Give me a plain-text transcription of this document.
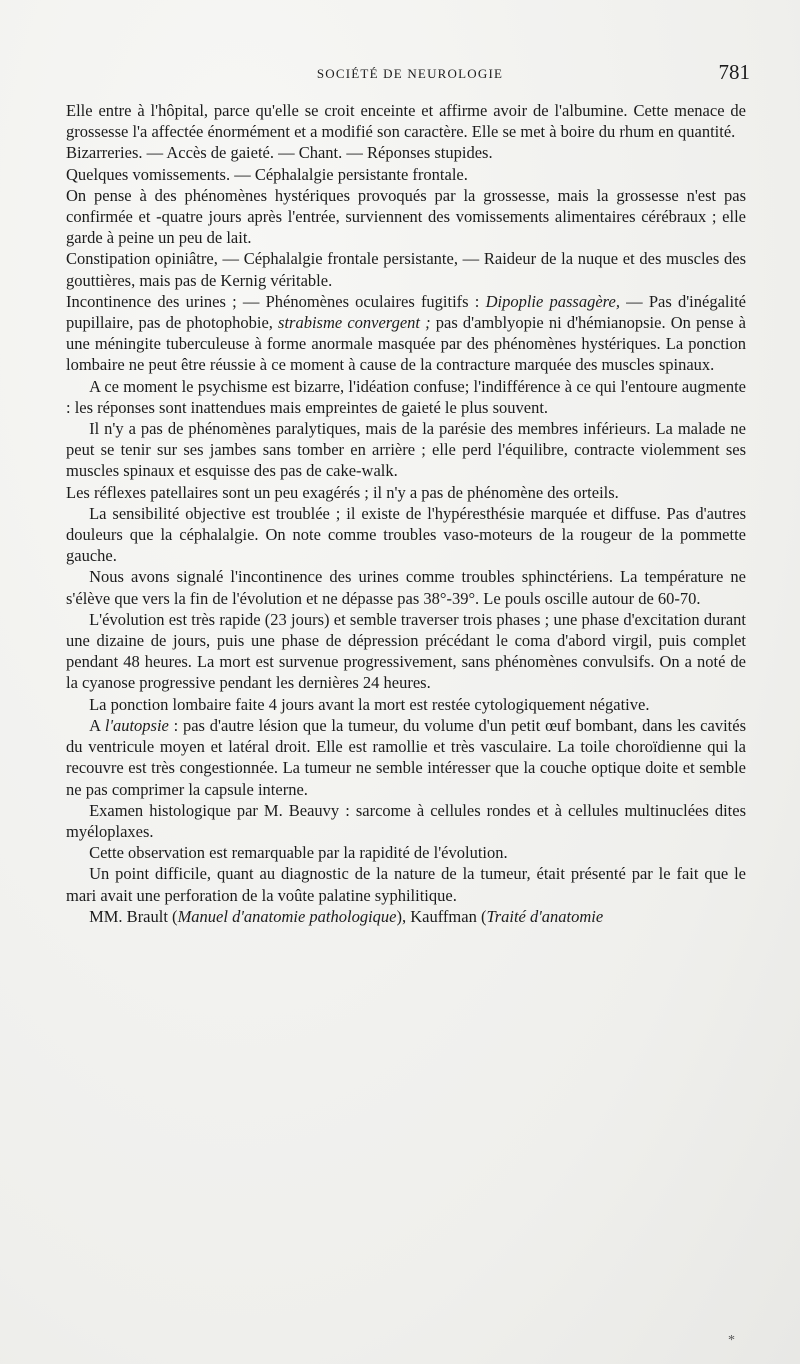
SOCIÉTÉ DE NEUROLOGIE	781

Elle entre à l'hôpital, parce qu'elle se croit enceinte et affirme avoir de l'albumine. Cette menace de grossesse l'a affectée énormément et a modifié son caractère. Elle se met à boire du rhum en quantité.

Bizarreries. — Accès de gaieté. — Chant. — Réponses stupides.

Quelques vomissements. — Céphalalgie persistante frontale.

On pense à des phénomènes hystériques provoqués par la grossesse, mais la grossesse n'est pas confirmée et -quatre jours après l'entrée, surviennent des vomissements alimentaires cérébraux ; elle garde à peine un peu de lait.

Constipation opiniâtre, — Céphalalgie frontale persistante, — Raideur de la nuque et des muscles des gouttières, mais pas de Kernig véritable.

Incontinence des urines ; — Phénomènes oculaires fugitifs : Dipoplie passagère, — Pas d'inégalité pupillaire, pas de photophobie, strabisme convergent ; pas d'amblyopie ni d'hémianopsie. On pense à une méningite tuberculeuse à forme anormale masquée par des phénomènes hystériques. La ponction lombaire ne peut être réussie à ce moment à cause de la contracture marquée des muscles spinaux.

A ce moment le psychisme est bizarre, l'idéation confuse; l'indifférence à ce qui l'entoure augmente : les réponses sont inattendues mais empreintes de gaieté le plus souvent.

Il n'y a pas de phénomènes paralytiques, mais de la parésie des membres inférieurs. La malade ne peut se tenir sur ses jambes sans tomber en arrière ; elle perd l'équilibre, contracte violemment ses muscles spinaux et esquisse des pas de cake-walk.

Les réflexes patellaires sont un peu exagérés ; il n'y a pas de phénomène des orteils.

La sensibilité objective est troublée ; il existe de l'hypéresthésie marquée et diffuse. Pas d'autres douleurs que la céphalalgie. On note comme troubles vaso-moteurs de la rougeur de la pommette gauche.

Nous avons signalé l'incontinence des urines comme troubles sphinctériens. La température ne s'élève que vers la fin de l'évolution et ne dépasse pas 38°-39°. Le pouls oscille autour de 60-70.

L'évolution est très rapide (23 jours) et semble traverser trois phases ; une phase d'excitation durant une dizaine de jours, puis une phase de dépression précédant le coma d'abord virgil, puis complet pendant 48 heures. La mort est survenue progressivement, sans phénomènes convulsifs. On a noté de la cyanose progressive pendant les dernières 24 heures.

La ponction lombaire faite 4 jours avant la mort est restée cytologiquement négative.

A l'autopsie : pas d'autre lésion que la tumeur, du volume d'un petit œuf bombant, dans les cavités du ventricule moyen et latéral droit. Elle est ramollie et très vasculaire. La toile choroïdienne qui la recouvre est très congestionnée. La tumeur ne semble intéresser que la couche optique doite et semble ne pas comprimer la capsule interne.

Examen histologique par M. Beauvy : sarcome à cellules rondes et à cellules multinuclées dites myéloplaxes.

Cette observation est remarquable par la rapidité de l'évolution.

Un point difficile, quant au diagnostic de la nature de la tumeur, était présenté par le fait que le mari avait une perforation de la voûte palatine syphilitique.

MM. Brault (Manuel d'anatomie pathologique), Kauffman (Traité d'anatomie

*
